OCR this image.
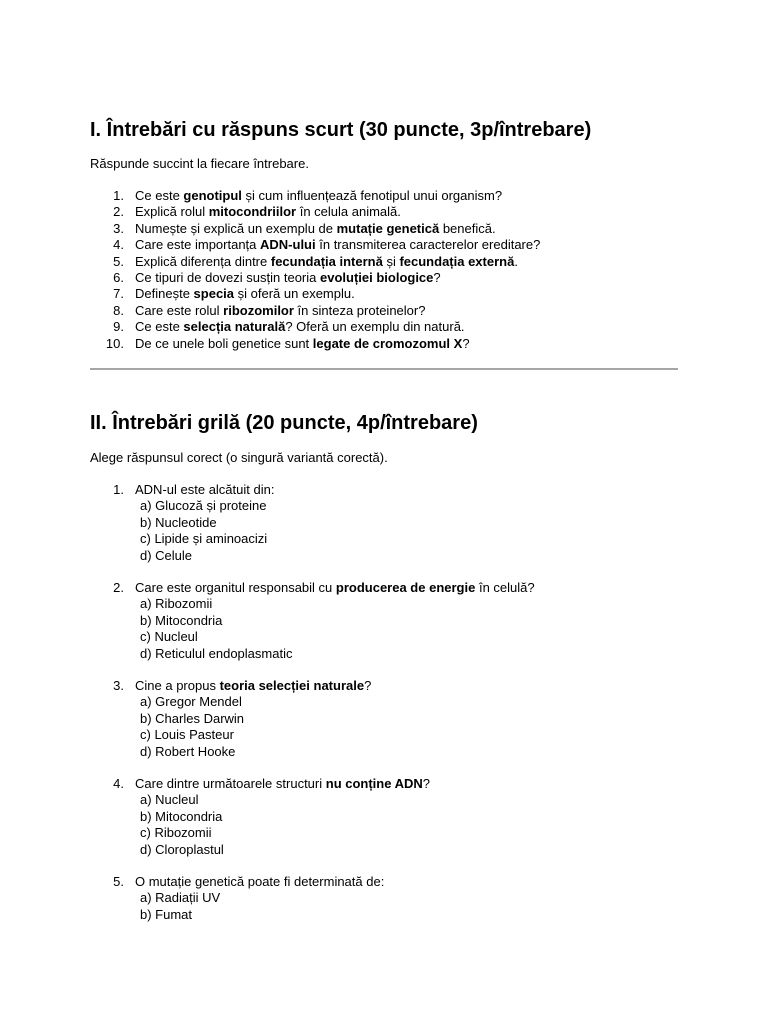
I. Întrebări cu răspuns scurt (30 puncte, 3p/întrebare)
Răspunde succint la fiecare întrebare.
1. Ce este genotipul și cum influențează fenotipul unui organism?
2. Explică rolul mitocondriilor în celula animală.
3. Numește și explică un exemplu de mutație genetică benefică.
4. Care este importanța ADN-ului în transmiterea caracterelor ereditare?
5. Explică diferența dintre fecundația internă și fecundația externă.
6. Ce tipuri de dovezi susțin teoria evoluției biologice?
7. Definește specia și oferă un exemplu.
8. Care este rolul ribozomilor în sinteza proteinelor?
9. Ce este selecția naturală? Oferă un exemplu din natură.
10. De ce unele boli genetice sunt legate de cromozomul X?
II. Întrebări grilă (20 puncte, 4p/întrebare)
Alege răspunsul corect (o singură variantă corectă).
1. ADN-ul este alcătuit din:
a) Glucoză și proteine
b) Nucleotide
c) Lipide și aminoacizi
d) Celule
2. Care este organitul responsabil cu producerea de energie în celulă?
a) Ribozomii
b) Mitocondria
c) Nucleul
d) Reticulul endoplasmatic
3. Cine a propus teoria selecției naturale?
a) Gregor Mendel
b) Charles Darwin
c) Louis Pasteur
d) Robert Hooke
4. Care dintre următoarele structuri nu conține ADN?
a) Nucleul
b) Mitocondria
c) Ribozomii
d) Cloroplastul
5. O mutație genetică poate fi determinată de:
a) Radiații UV
b) Fumat
